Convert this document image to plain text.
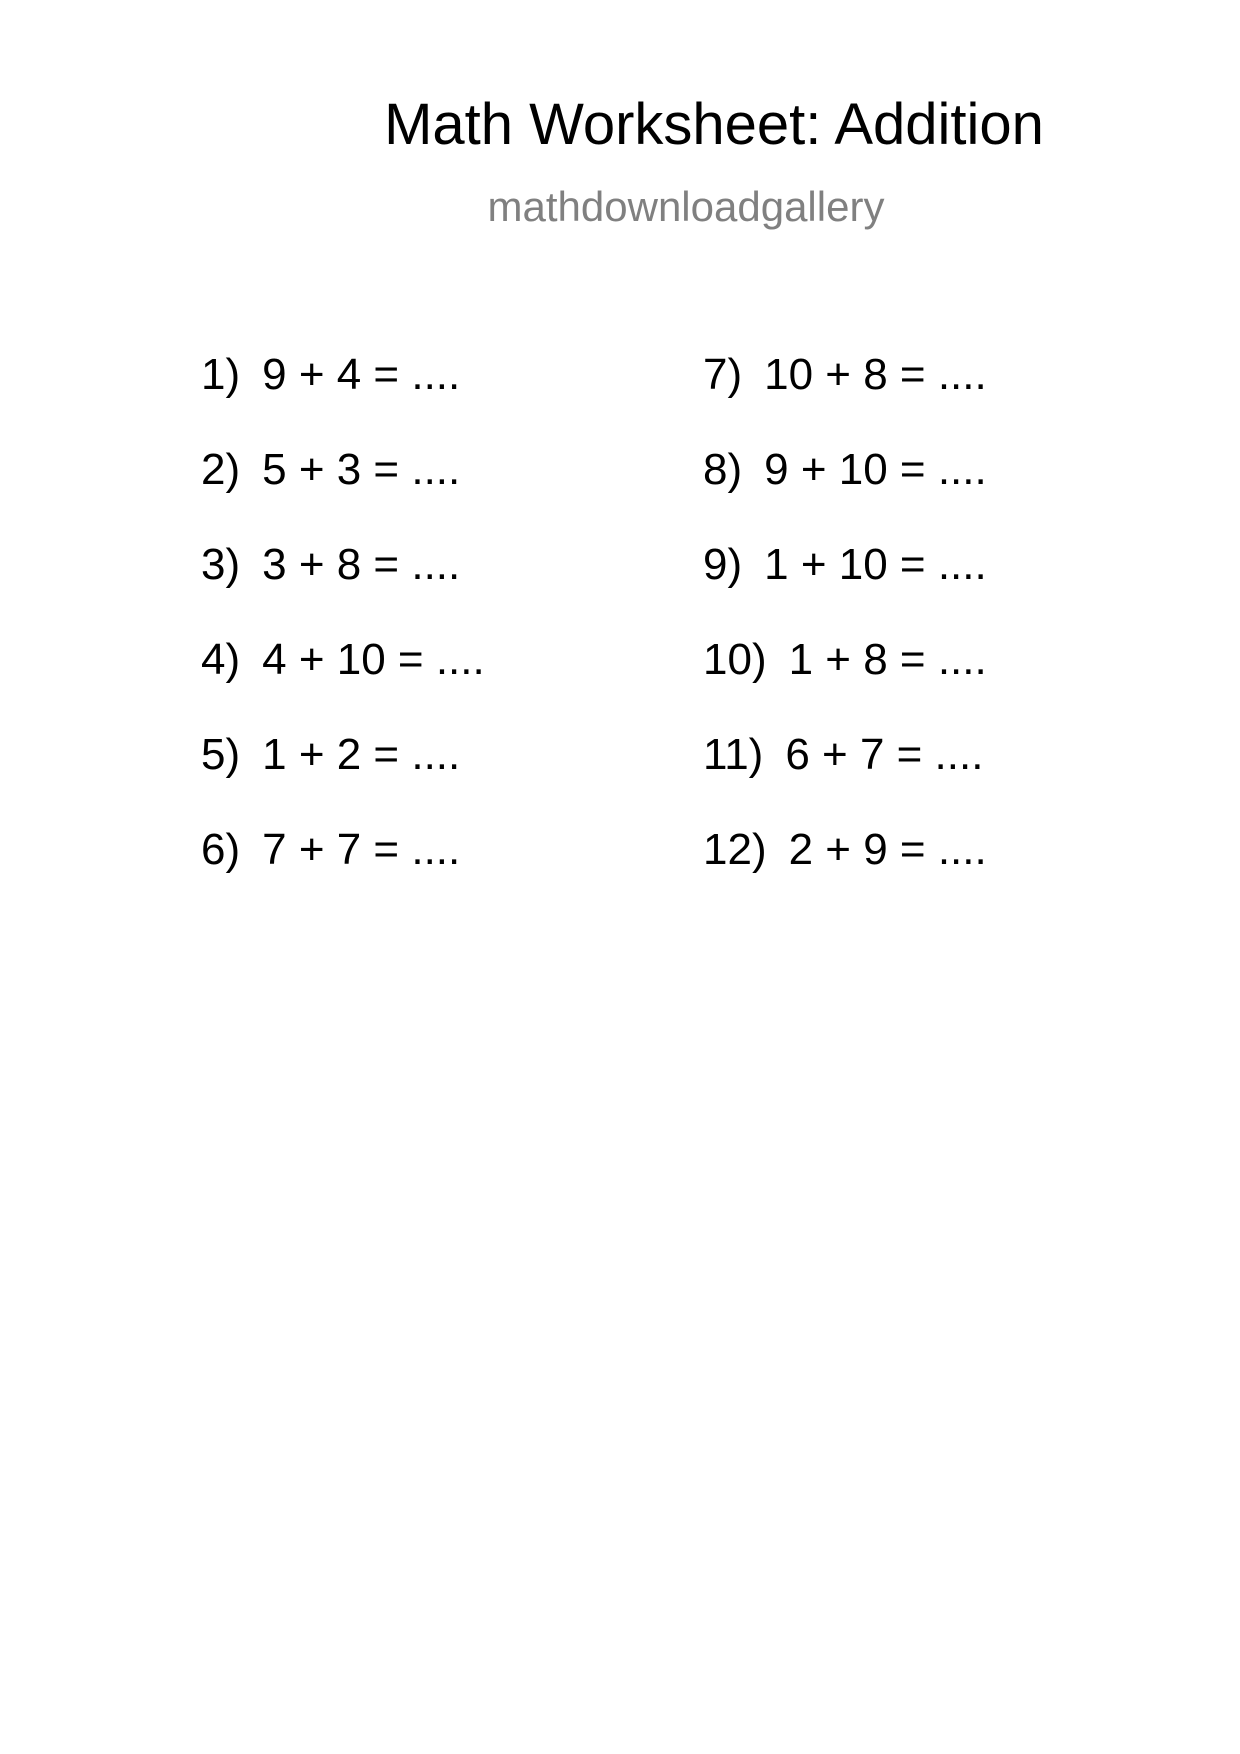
Math Worksheet: Addition
mathdownloadgallery
1) 9 + 4 = ....
2) 5 + 3 = ....
3) 3 + 8 = ....
4) 4 + 10 = ....
5) 1 + 2 = ....
6) 7 + 7 = ....
7) 10 + 8 = ....
8) 9 + 10 = ....
9) 1 + 10 = ....
10) 1 + 8 = ....
11) 6 + 7 = ....
12) 2 + 9 = ....
